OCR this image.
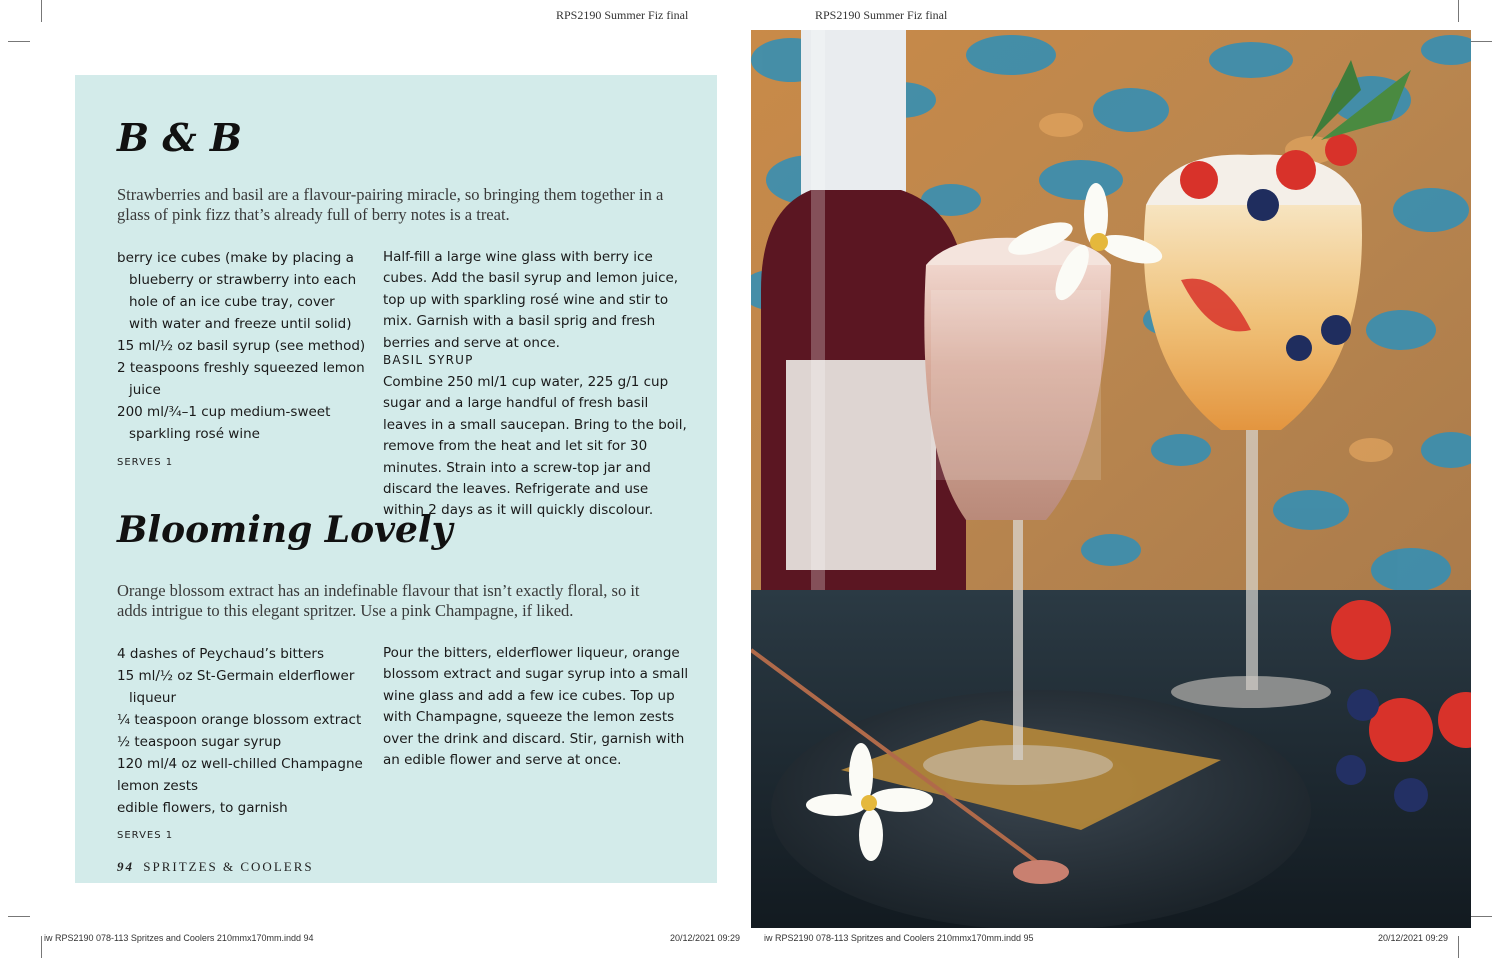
RPS2190 Summer Fiz final	RPS2190 Summer Fiz final
B & B

Strawberries and basil are a flavour-pairing miracle, so bringing them together in a glass of pink fizz that’s already full of berry notes is a treat.

berry ice cubes (make by placing a blueberry or strawberry into each hole of an ice cube tray, cover with water and freeze until solid)
15 ml/½ oz basil syrup (see method)
2 teaspoons freshly squeezed lemon juice
200 ml/¾–1 cup medium-sweet sparkling rosé wine
SERVES 1

Half-fill a large wine glass with berry ice cubes. Add the basil syrup and lemon juice, top up with sparkling rosé wine and stir to mix. Garnish with a basil sprig and fresh berries and serve at once.

BASIL SYRUP

Combine 250 ml/1 cup water, 225 g/1 cup sugar and a large handful of fresh basil leaves in a small saucepan. Bring to the boil, remove from the heat and let sit for 30 minutes. Strain into a screw-top jar and discard the leaves. Refrigerate and use within 2 days as it will quickly discolour.

Blooming Lovely

Orange blossom extract has an indefinable flavour that isn’t exactly floral, so it adds intrigue to this elegant spritzer. Use a pink Champagne, if liked.

4 dashes of Peychaud’s bitters
15 ml/½ oz St-Germain elderflower liqueur
¼ teaspoon orange blossom extract
½ teaspoon sugar syrup
120 ml/4 oz well-chilled Champagne
lemon zests
edible flowers, to garnish
SERVES 1

Pour the bitters, elderflower liqueur, orange blossom extract and sugar syrup into a small wine glass and add a few ice cubes. Top up with Champagne, squeeze the lemon zests over the drink and discard. Stir, garnish with an edible flower and serve at once.

94 SPRITZES & COOLERS
iw RPS2190 078-113 Spritzes and Coolers 210mmx170mm.indd 94	20/12/2021 09:29	iw RPS2190 078-113 Spritzes and Coolers 210mmx170mm.indd 95	20/12/2021 09:29
